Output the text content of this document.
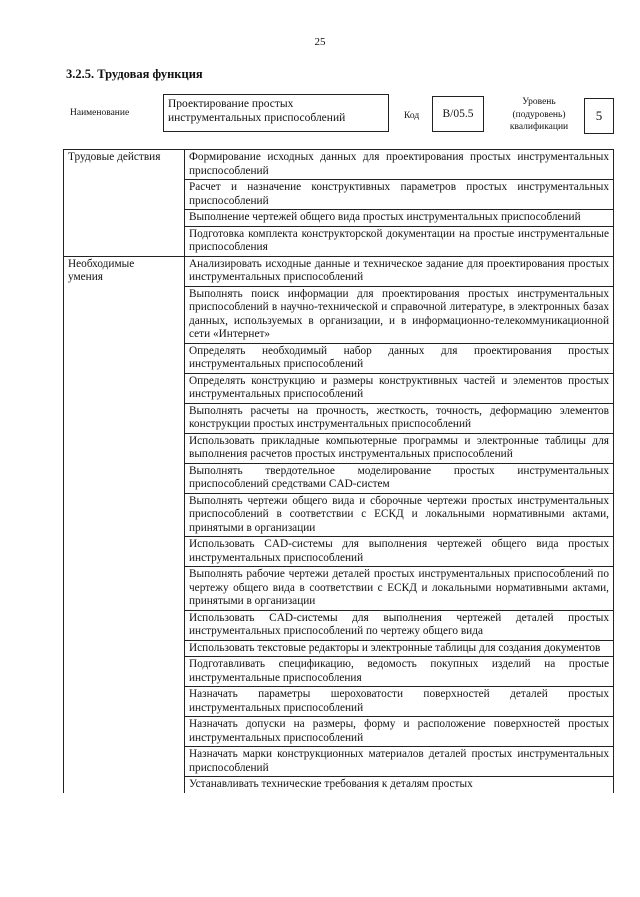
25
3.2.5. Трудовая функция
Наименование
Проектирование простых инструментальных приспособлений	Код	В/05.5
Уровень
(подуровень)
квалификации
5
Трудовые действия	Формирование исходных данных для проектирования простых инструментальных приспособлений
	Расчет и назначение конструктивных параметров простых инструментальных приспособлений
	Выполнение чертежей общего вида простых инструментальных приспособлений
	Подготовка комплекта конструкторской документации на простые инструментальные приспособления

Необходимые
умения	Анализировать исходные данные и техническое задание для проектирования простых инструментальных приспособлений
	Выполнять поиск информации для проектирования простых инструментальных приспособлений в научно-технической и справочной литературе, в электронных базах данных, используемых в организации, и в информационно-телекоммуникационной сети «Интернет»
	Определять необходимый набор данных для проектирования простых инструментальных приспособлений
	Определять конструкцию и размеры конструктивных частей и элементов простых инструментальных приспособлений
	Выполнять расчеты на прочность, жесткость, точность, деформацию элементов конструкции простых инструментальных приспособлений
	Использовать прикладные компьютерные программы и электронные таблицы для выполнения расчетов простых инструментальных приспособлений
	Выполнять твердотельное моделирование простых инструментальных приспособлений средствами CAD-систем
	Выполнять чертежи общего вида и сборочные чертежи простых инструментальных приспособлений в соответствии с ЕСКД и локальными нормативными актами, принятыми в организации
	Использовать CAD-системы для выполнения чертежей общего вида простых инструментальных приспособлений
	Выполнять рабочие чертежи деталей простых инструментальных приспособлений по чертежу общего вида в соответствии с ЕСКД и локальными нормативными актами, принятыми в организации
	Использовать CAD-системы для выполнения чертежей деталей простых инструментальных приспособлений по чертежу общего вида
	Использовать текстовые редакторы и электронные таблицы для создания документов
	Подготавливать спецификацию, ведомость покупных изделий на простые инструментальные приспособления
	Назначать параметры шероховатости поверхностей деталей простых инструментальных приспособлений
	Назначать допуски на размеры, форму и расположение поверхностей простых инструментальных приспособлений
	Назначать марки конструкционных материалов деталей простых инструментальных приспособлений
	Устанавливать технические требования к деталям простых
